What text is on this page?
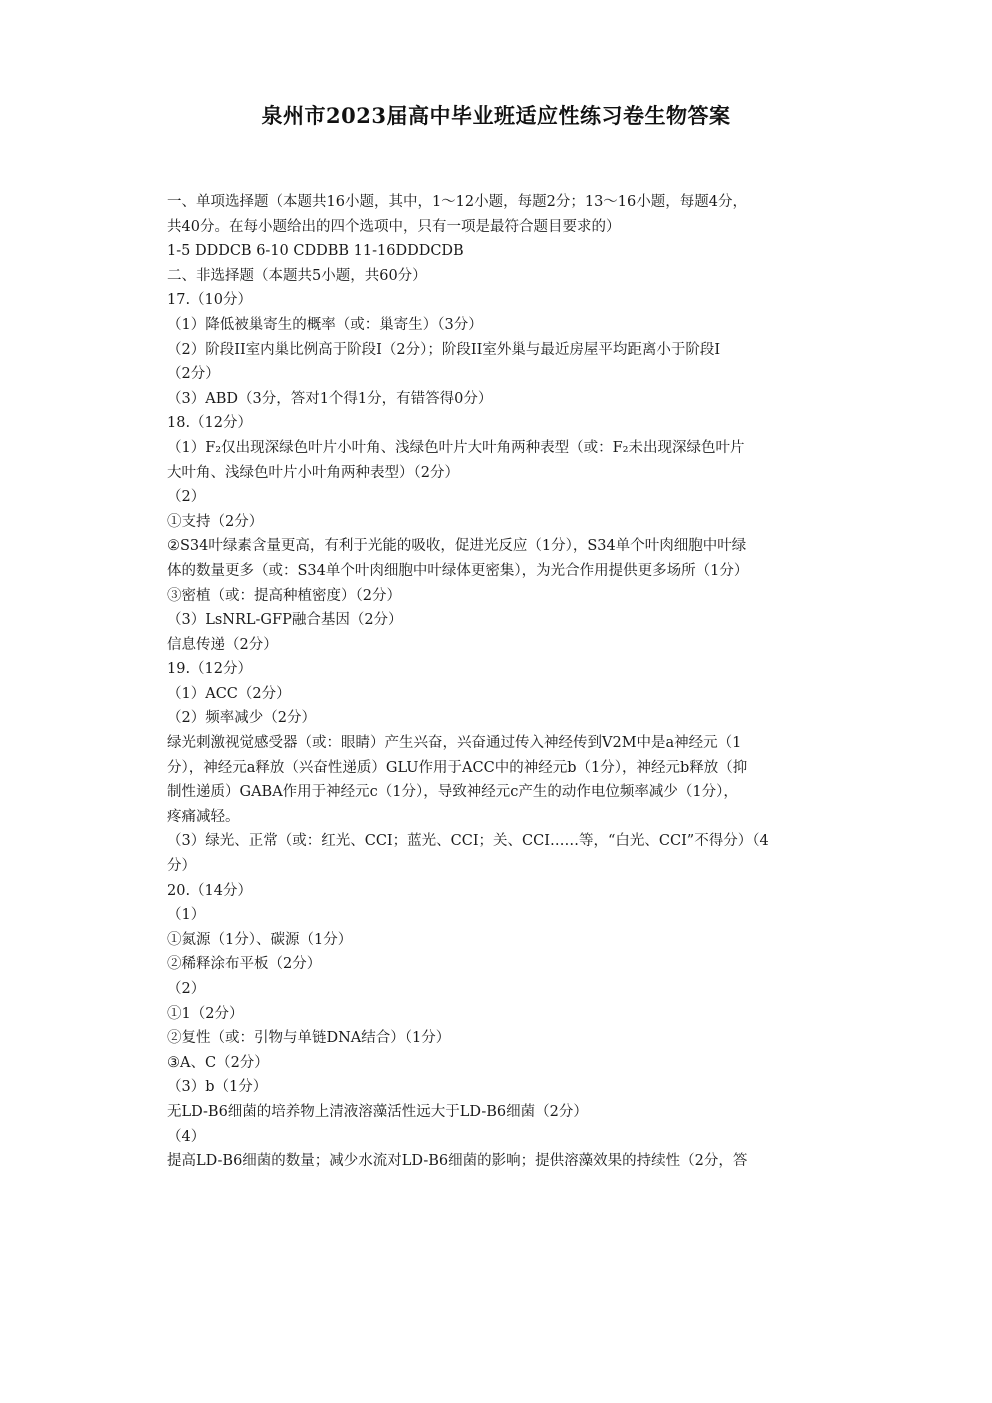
泉州市2023届高中毕业班适应性练习卷生物答案
一、单项选择题（本题共16小题，其中，1～12小题，每题2分；13～16小题，每题4分，
共40分。在每小题给出的四个选项中，只有一项是最符合题目要求的）
1-5 DDDCB 6-10 CDDBB 11-16DDDCDB
二、非选择题（本题共5小题，共60分）
17.（10分）
（1）降低被巢寄生的概率（或：巢寄生）（3分）
（2）阶段II室内巢比例高于阶段I（2分）；阶段II室外巢与最近房屋平均距离小于阶段I
（2分）
（3）ABD（3分，答对1个得1分，有错答得0分）
18.（12分）
（1）F₂仅出现深绿色叶片小叶角、浅绿色叶片大叶角两种表型（或：F₂未出现深绿色叶片
大叶角、浅绿色叶片小叶角两种表型）（2分）
（2）
①支持（2分）
②S34叶绿素含量更高，有利于光能的吸收，促进光反应（1分），S34单个叶肉细胞中叶绿
体的数量更多（或：S34单个叶肉细胞中叶绿体更密集），为光合作用提供更多场所（1分）
③密植（或：提高种植密度）（2分）
（3）LsNRL-GFP融合基因（2分）
信息传递（2分）
19.（12分）
（1）ACC（2分）
（2）频率减少（2分）
绿光刺激视觉感受器（或：眼睛）产生兴奋，兴奋通过传入神经传到V2M中是a神经元（1
分），神经元a释放（兴奋性递质）GLU作用于ACC中的神经元b（1分），神经元b释放（抑
制性递质）GABA作用于神经元c（1分），导致神经元c产生的动作电位频率减少（1分），
疼痛减轻。
（3）绿光、正常（或：红光、CCI；蓝光、CCI；关、CCI……等，“白光、CCI”不得分）（4
分）
20.（14分）
（1）
①氮源（1分）、碳源（1分）
②稀释涂布平板（2分）
（2）
①1（2分）
②复性（或：引物与单链DNA结合）（1分）
③A、C（2分）
（3）b（1分）
无LD-B6细菌的培养物上清液溶藻活性远大于LD-B6细菌（2分）
（4）
提高LD-B6细菌的数量；减少水流对LD-B6细菌的影响；提供溶藻效果的持续性（2分，答
